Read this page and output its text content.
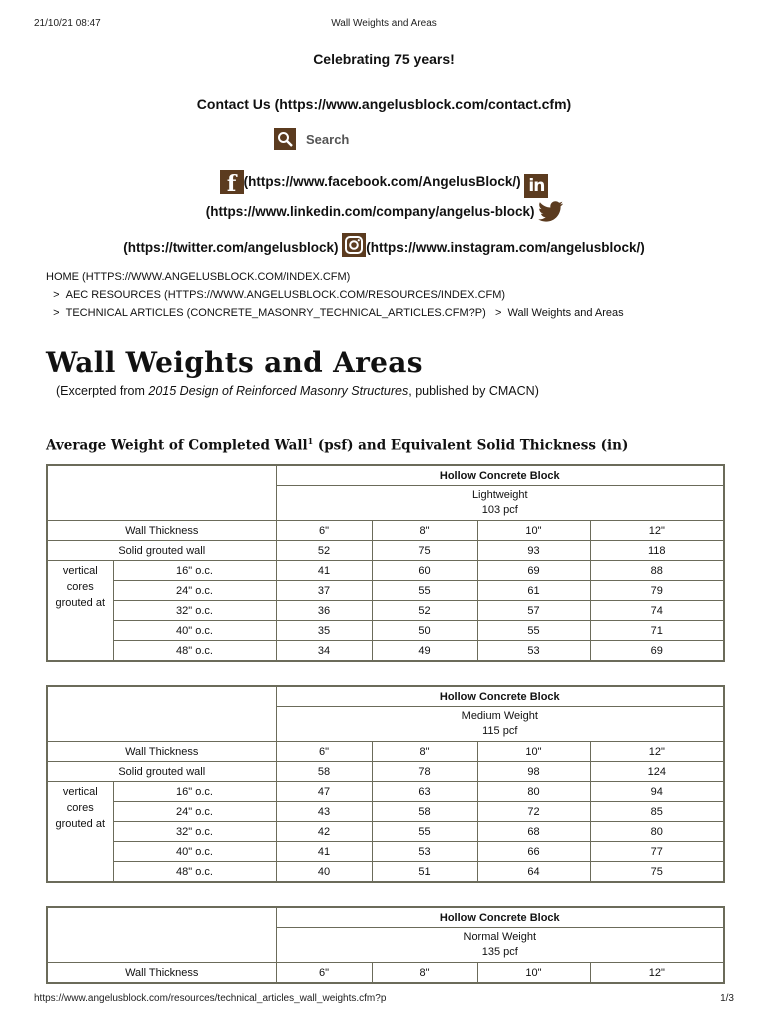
21/10/21 08:47	Wall Weights and Areas
Celebrating 75 years!
Contact Us (https://www.angelusblock.com/contact.cfm)
Search
f (https://www.facebook.com/AngelusBlock/) in
(https://www.linkedin.com/company/angelus-block)
(https://twitter.com/angelusblock) (https://www.instagram.com/angelusblock/)
HOME (HTTPS://WWW.ANGELUSBLOCK.COM/INDEX.CFM)
> AEC RESOURCES (HTTPS://WWW.ANGELUSBLOCK.COM/RESOURCES/INDEX.CFM)
> TECHNICAL ARTICLES (CONCRETE_MASONRY_TECHNICAL_ARTICLES.CFM?P) > Wall Weights and Areas
Wall Weights and Areas
(Excerpted from 2015 Design of Reinforced Masonry Structures, published by CMACN)
Average Weight of Completed Wall$^1$ (psf) and Equivalent Solid Thickness (in)
		Hollow Concrete Block			
		Lightweight
103 pcf			

Wall Thickness		6"	8"	10"	12"
Solid grouted wall		52	75	93	118
vertical cores grouted at	16" o.c.	41	60	69	88
	24" o.c.	37	55	61	79
	32" o.c.	36	52	57	74
	40" o.c.	35	50	55	71
	48" o.c.	34	49	53	69
		Hollow Concrete Block			
		Medium Weight
115 pcf			

Wall Thickness		6"	8"	10"	12"
Solid grouted wall		58	78	98	124
vertical cores grouted at	16" o.c.	47	63	80	94
	24" o.c.	43	58	72	85
	32" o.c.	42	55	68	80
	40" o.c.	41	53	66	77
	48" o.c.	40	51	64	75
	Hollow Concrete Block			
	Normal Weight
135 pcf			

Wall Thickness	6"	8"	10"	12"
https://www.angelusblock.com/resources/technical_articles_wall_weights.cfm?p	1/3
